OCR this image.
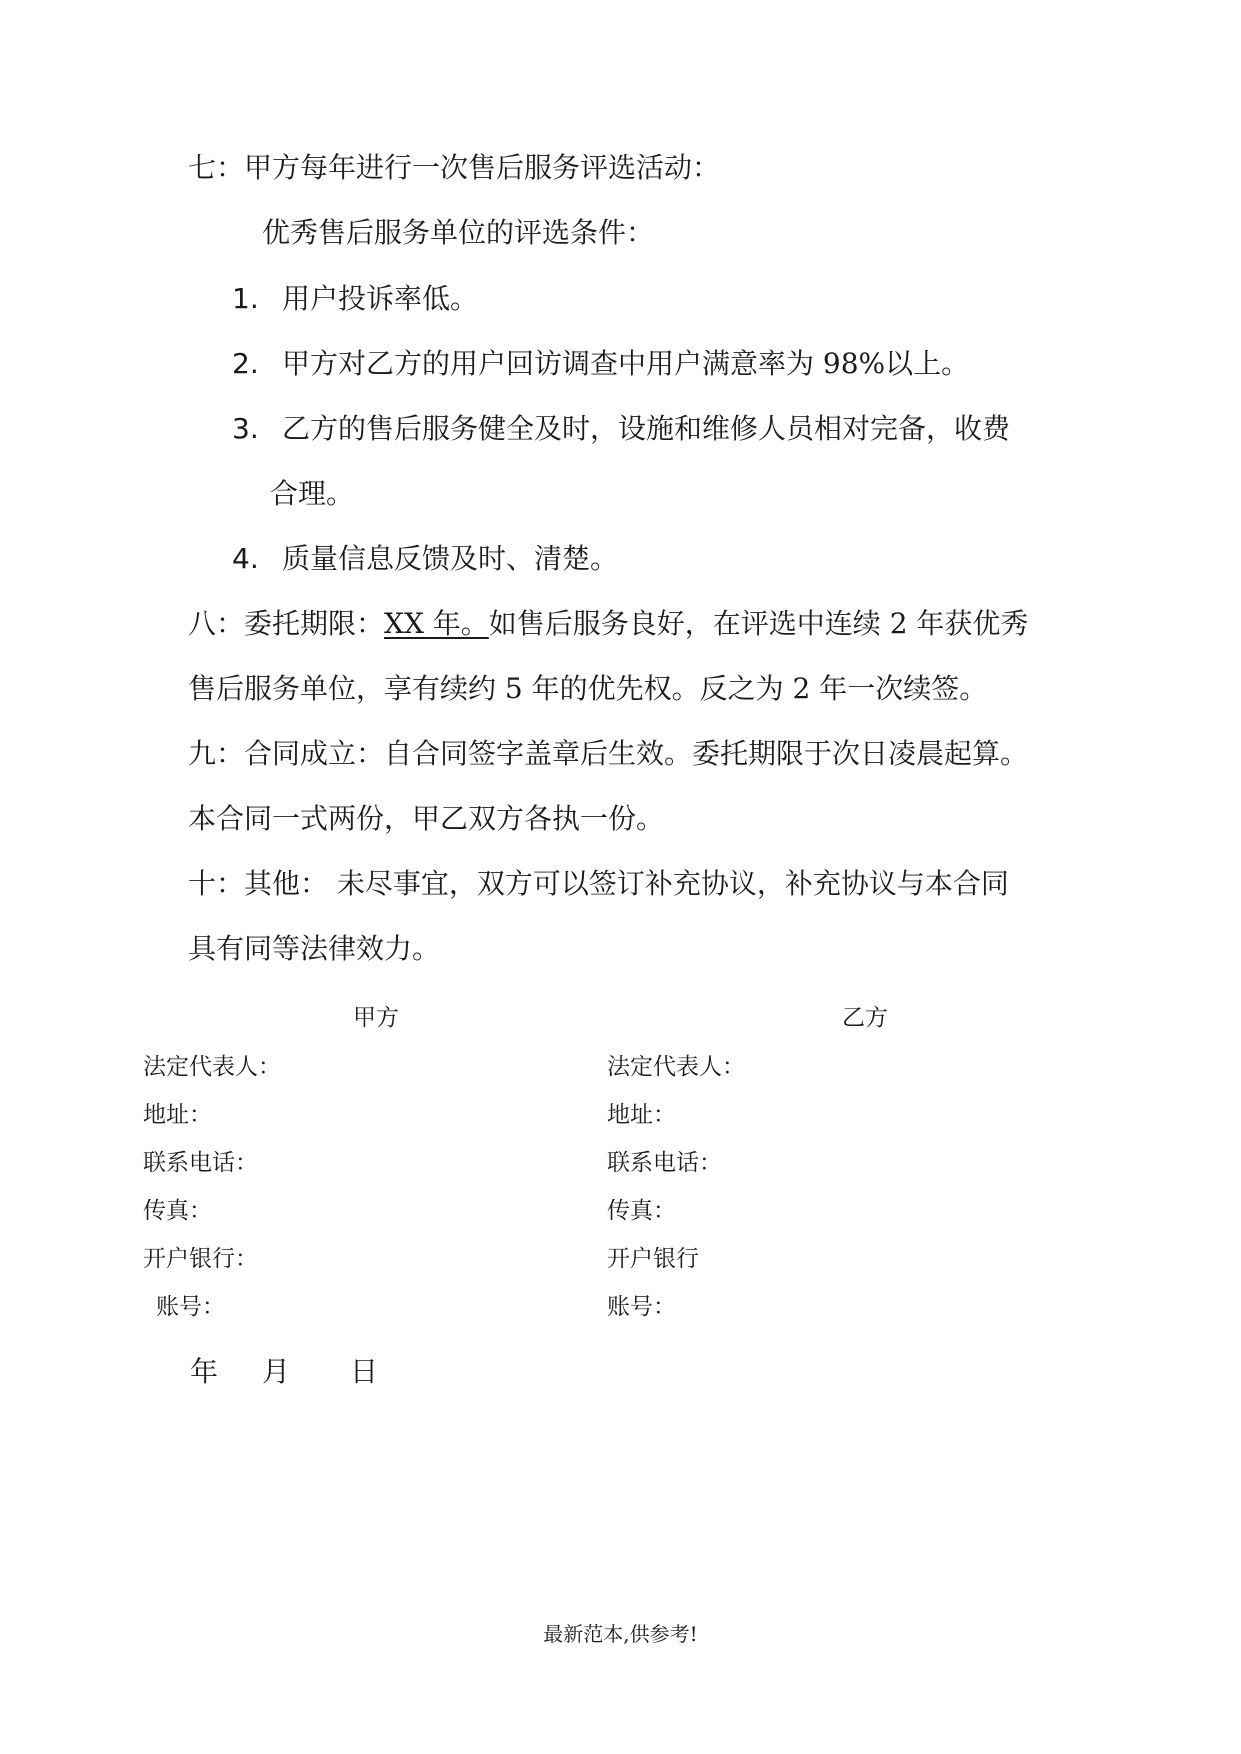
七：甲方每年进行一次售后服务评选活动：
优秀售后服务单位的评选条件：
1. 用户投诉率低。
2. 甲方对乙方的用户回访调查中用户满意率为 98%以上。
3. 乙方的售后服务健全及时，设施和维修人员相对完备，收费
合理。
4. 质量信息反馈及时、清楚。
八：委托期限：XX 年。如售后服务良好，在评选中连续 2 年获优秀
售后服务单位，享有续约 5 年的优先权。反之为 2 年一次续签。
九：合同成立：自合同签字盖章后生效。委托期限于次日凌晨起算。
本合同一式两份，甲乙双方各执一份。
十：其他： 未尽事宜，双方可以签订补充协议，补充协议与本合同
具有同等法律效力。
甲方
法定代表人：
地址：
联系电话：
传真：
开户银行：
账号：
乙方
法定代表人：
地址：
联系电话：
传真：
开户银行
账号：
年 月 日
最新范本,供参考!
